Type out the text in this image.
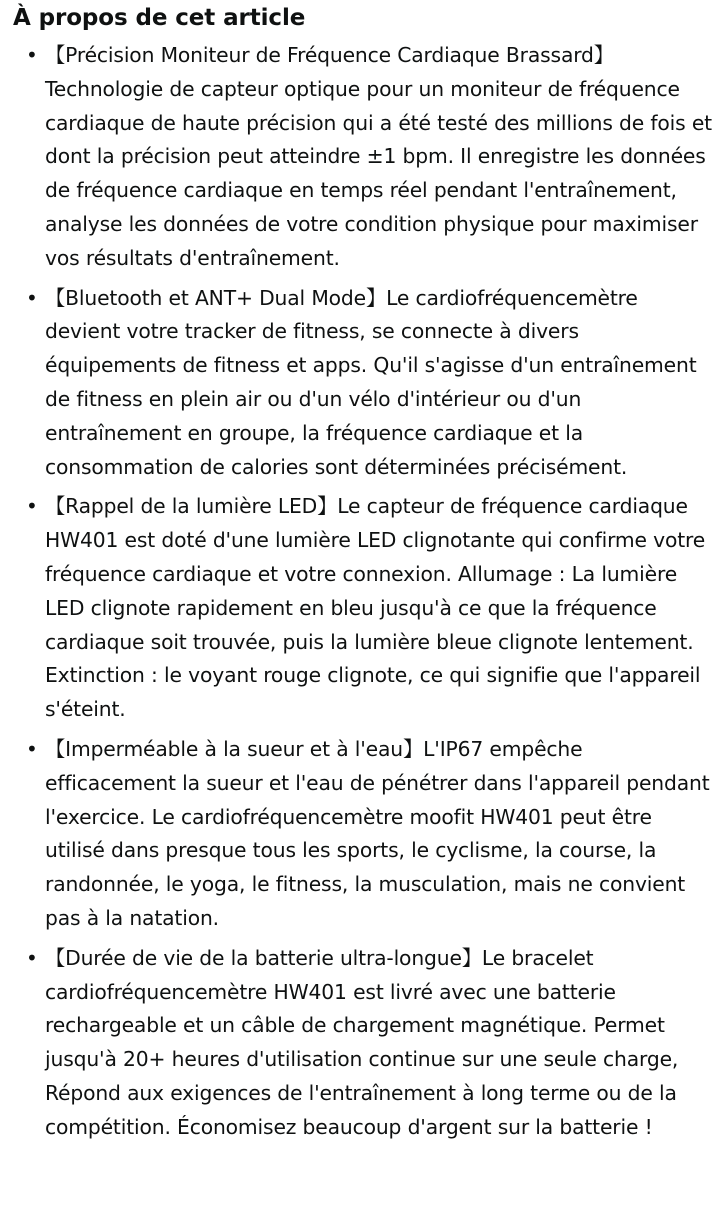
À propos de cet article
• 【Précision Moniteur de Fréquence Cardiaque Brassard】Technologie de capteur optique pour un moniteur de fréquence cardiaque de haute précision qui a été testé des millions de fois et dont la précision peut atteindre ±1 bpm. Il enregistre les données de fréquence cardiaque en temps réel pendant l'entraînement, analyse les données de votre condition physique pour maximiser vos résultats d'entraînement.
• 【Bluetooth et ANT+ Dual Mode】Le cardiofréquencemètre devient votre tracker de fitness, se connecte à divers équipements de fitness et apps. Qu'il s'agisse d'un entraînement de fitness en plein air ou d'un vélo d'intérieur ou d'un entraînement en groupe, la fréquence cardiaque et la consommation de calories sont déterminées précisément.
• 【Rappel de la lumière LED】Le capteur de fréquence cardiaque HW401 est doté d'une lumière LED clignotante qui confirme votre fréquence cardiaque et votre connexion. Allumage : La lumière LED clignote rapidement en bleu jusqu'à ce que la fréquence cardiaque soit trouvée, puis la lumière bleue clignote lentement. Extinction : le voyant rouge clignote, ce qui signifie que l'appareil s'éteint.
• 【Imperméable à la sueur et à l'eau】L'IP67 empêche efficacement la sueur et l'eau de pénétrer dans l'appareil pendant l'exercice. Le cardiofréquencemètre moofit HW401 peut être utilisé dans presque tous les sports, le cyclisme, la course, la randonnée, le yoga, le fitness, la musculation, mais ne convient pas à la natation.
• 【Durée de vie de la batterie ultra-longue】Le bracelet cardiofréquencemètre HW401 est livré avec une batterie rechargeable et un câble de chargement magnétique. Permet jusqu'à 20+ heures d'utilisation continue sur une seule charge, Répond aux exigences de l'entraînement à long terme ou de la compétition. Économisez beaucoup d'argent sur la batterie !
